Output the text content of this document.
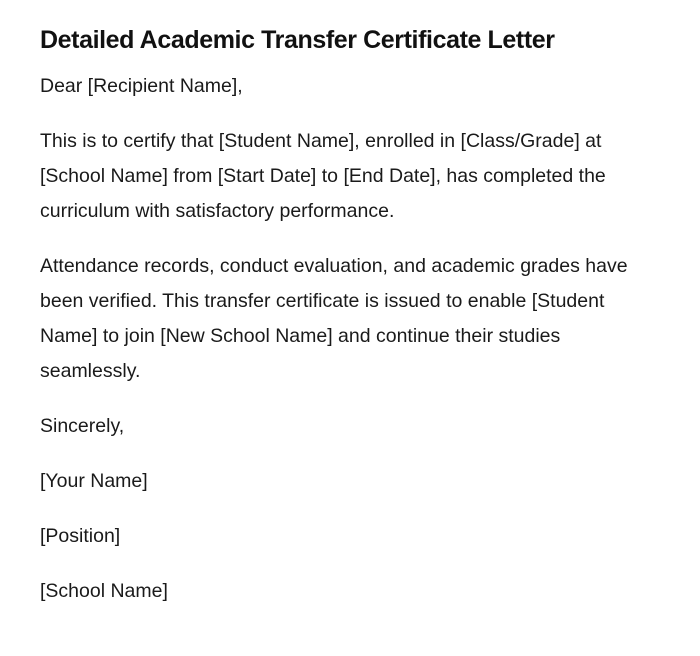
Detailed Academic Transfer Certificate Letter

Dear [Recipient Name],

This is to certify that [Student Name], enrolled in [Class/Grade] at [School Name] from [Start Date] to [End Date], has completed the curriculum with satisfactory performance.

Attendance records, conduct evaluation, and academic grades have been verified. This transfer certificate is issued to enable [Student Name] to join [New School Name] and continue their studies seamlessly.

Sincerely,

[Your Name]

[Position]

[School Name]
